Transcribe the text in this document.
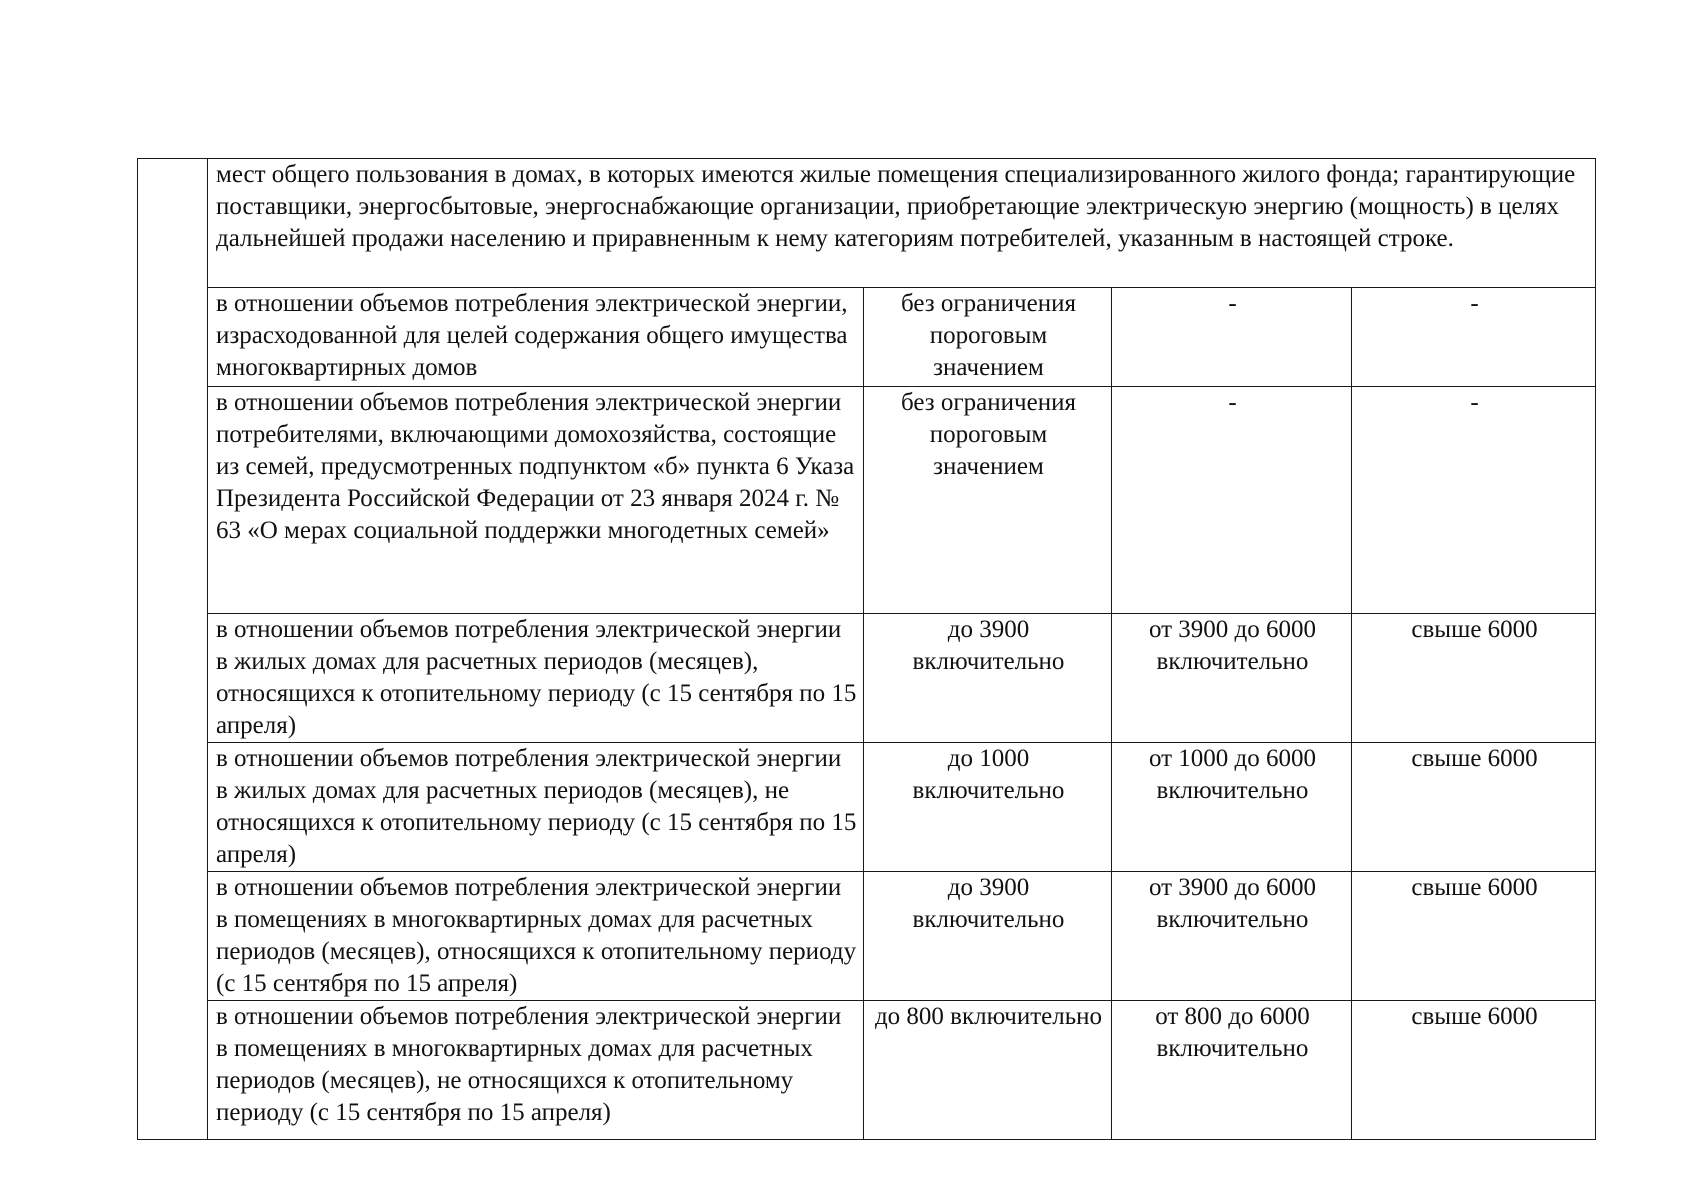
	мест общего пользования в домах, в которых имеются жилые помещения специализированного жилого фонда; гарантирующие поставщики, энергосбытовые, энергоснабжающие организации, приобретающие электрическую энергию (мощность) в целях дальнейшей продажи населению и приравненным к нему категориям потребителей, указанным в настоящей строке.			
	в отношении объемов потребления электрической энергии, израсходованной для целей содержания общего имущества многоквартирных домов	без ограничения пороговым значением	-	-
	в отношении объемов потребления электрической энергии потребителями, включающими домохозяйства, состоящие из семей, предусмотренных подпунктом «б» пункта 6 Указа Президента Российской Федерации от 23 января 2024 г. № 63 «О мерах социальной поддержки многодетных семей»	без ограничения пороговым значением	-	-
	в отношении объемов потребления электрической энергии в жилых домах для расчетных периодов (месяцев), относящихся к отопительному периоду (с 15 сентября по 15 апреля)	до 3900 включительно	от 3900 до 6000 включительно	свыше 6000
	в отношении объемов потребления электрической энергии в жилых домах для расчетных периодов (месяцев), не относящихся к отопительному периоду (с 15 сентября по 15 апреля)	до 1000 включительно	от 1000 до 6000 включительно	свыше 6000
	в отношении объемов потребления электрической энергии в помещениях в многоквартирных домах для расчетных периодов (месяцев), относящихся к отопительному периоду (с 15 сентября по 15 апреля)	до 3900 включительно	от 3900 до 6000 включительно	свыше 6000
	в отношении объемов потребления электрической энергии в помещениях в многоквартирных домах для расчетных периодов (месяцев), не относящихся к отопительному периоду (с 15 сентября по 15 апреля)	до 800 включительно	от 800 до 6000 включительно	свыше 6000
